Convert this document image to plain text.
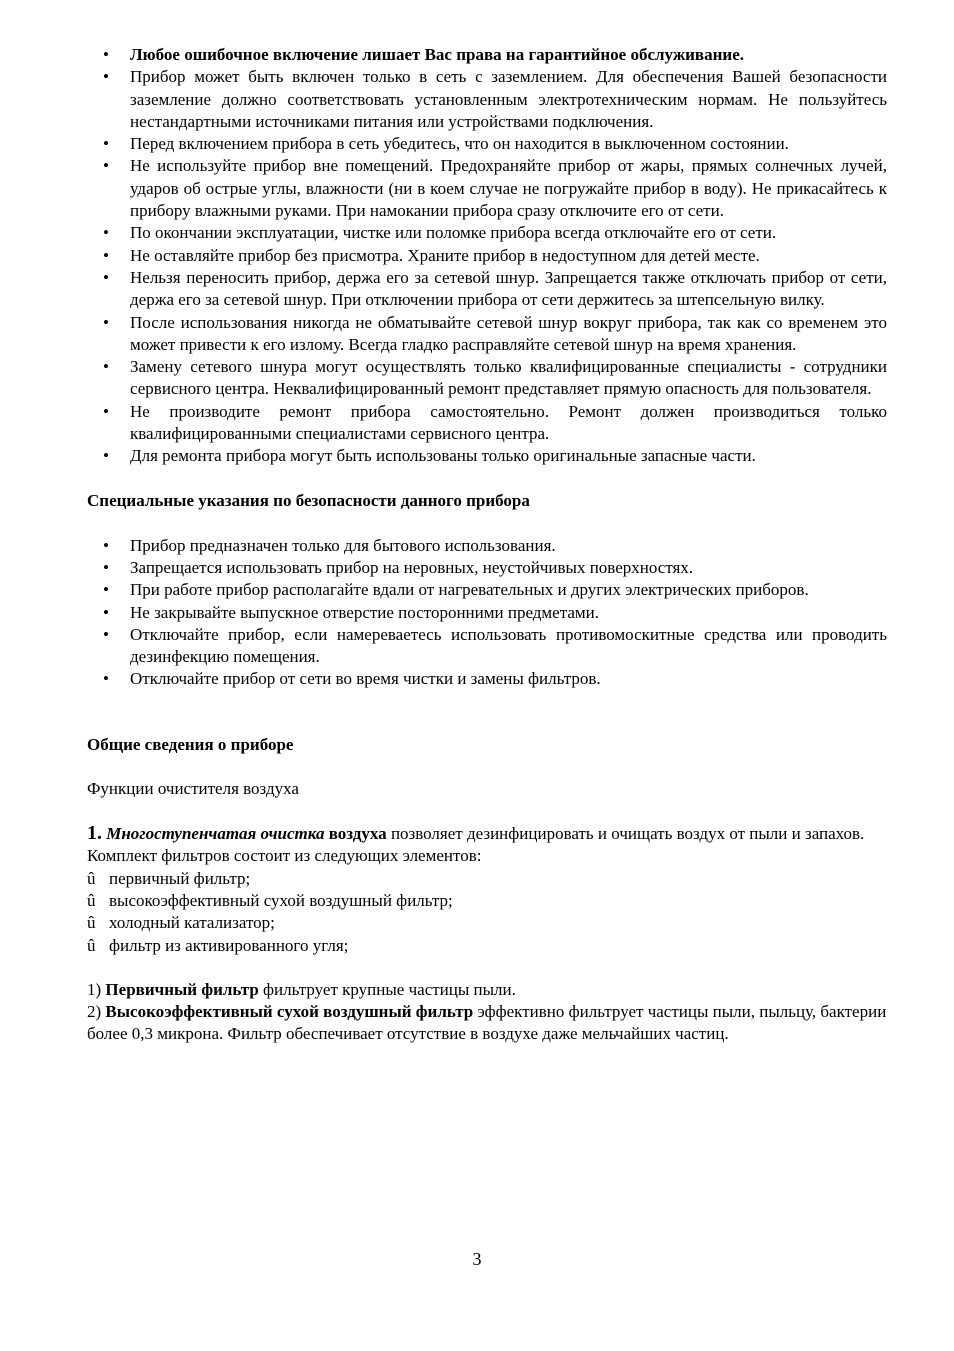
• Любое ошибочное включение лишает Вас права на гарантийное обслуживание.
• Прибор может быть включен только в сеть с заземлением. Для обеспечения Вашей безопасности заземление должно соответствовать установленным электротехническим нормам. Не пользуйтесь нестандартными источниками питания или устройствами подключения.
• Перед включением прибора в сеть убедитесь, что он находится в выключенном состоянии.
• Не используйте прибор вне помещений. Предохраняйте прибор от жары, прямых солнечных лучей, ударов об острые углы, влажности (ни в коем случае не погружайте прибор в воду). Не прикасайтесь к прибору влажными руками. При намокании прибора сразу отключите его от сети.
• По окончании эксплуатации, чистке или поломке прибора всегда отключайте его от сети.
• Не оставляйте прибор без присмотра. Храните прибор в недоступном для детей месте.
• Нельзя переносить прибор, держа его за сетевой шнур. Запрещается также отключать прибор от сети, держа его за сетевой шнур. При отключении прибора от сети держитесь за штепсельную вилку.
• После использования никогда не обматывайте сетевой шнур вокруг прибора, так как со временем это может привести к его излому. Всегда гладко расправляйте сетевой шнур на время хранения.
• Замену сетевого шнура могут осуществлять только квалифицированные специалисты - сотрудники сервисного центра. Неквалифицированный ремонт представляет прямую опасность для пользователя.
• Не производите ремонт прибора самостоятельно. Ремонт должен производиться только квалифицированными специалистами сервисного центра.
• Для ремонта прибора могут быть использованы только оригинальные запасные части.
Специальные указания по безопасности данного прибора
• Прибор предназначен только для бытового использования.
• Запрещается использовать прибор на неровных, неустойчивых поверхностях.
• При работе прибор располагайте вдали от нагревательных и других электрических приборов.
• Не закрывайте выпускное отверстие посторонними предметами.
• Отключайте прибор, если намереваетесь использовать противомоскитные средства или проводить дезинфекцию помещения.
• Отключайте прибор от сети во время чистки и замены фильтров.
Общие сведения о приборе

Функции очистителя воздуха

1. Многоступенчатая очистка воздуха позволяет дезинфицировать и очищать воздух от пыли и запахов. Комплект фильтров состоит из следующих элементов:

û первичный фильтр;
û высокоэффективный сухой воздушный фильтр;
û холодный катализатор;
û фильтр из активированного угля;

1) Первичный фильтр фильтрует крупные частицы пыли.

2) Высокоэффективный сухой воздушный фильтр эффективно фильтрует частицы пыли, пыльцу, бактерии более 0,3 микрона. Фильтр обеспечивает отсутствие в воздухе даже мельчайших частиц.

3
